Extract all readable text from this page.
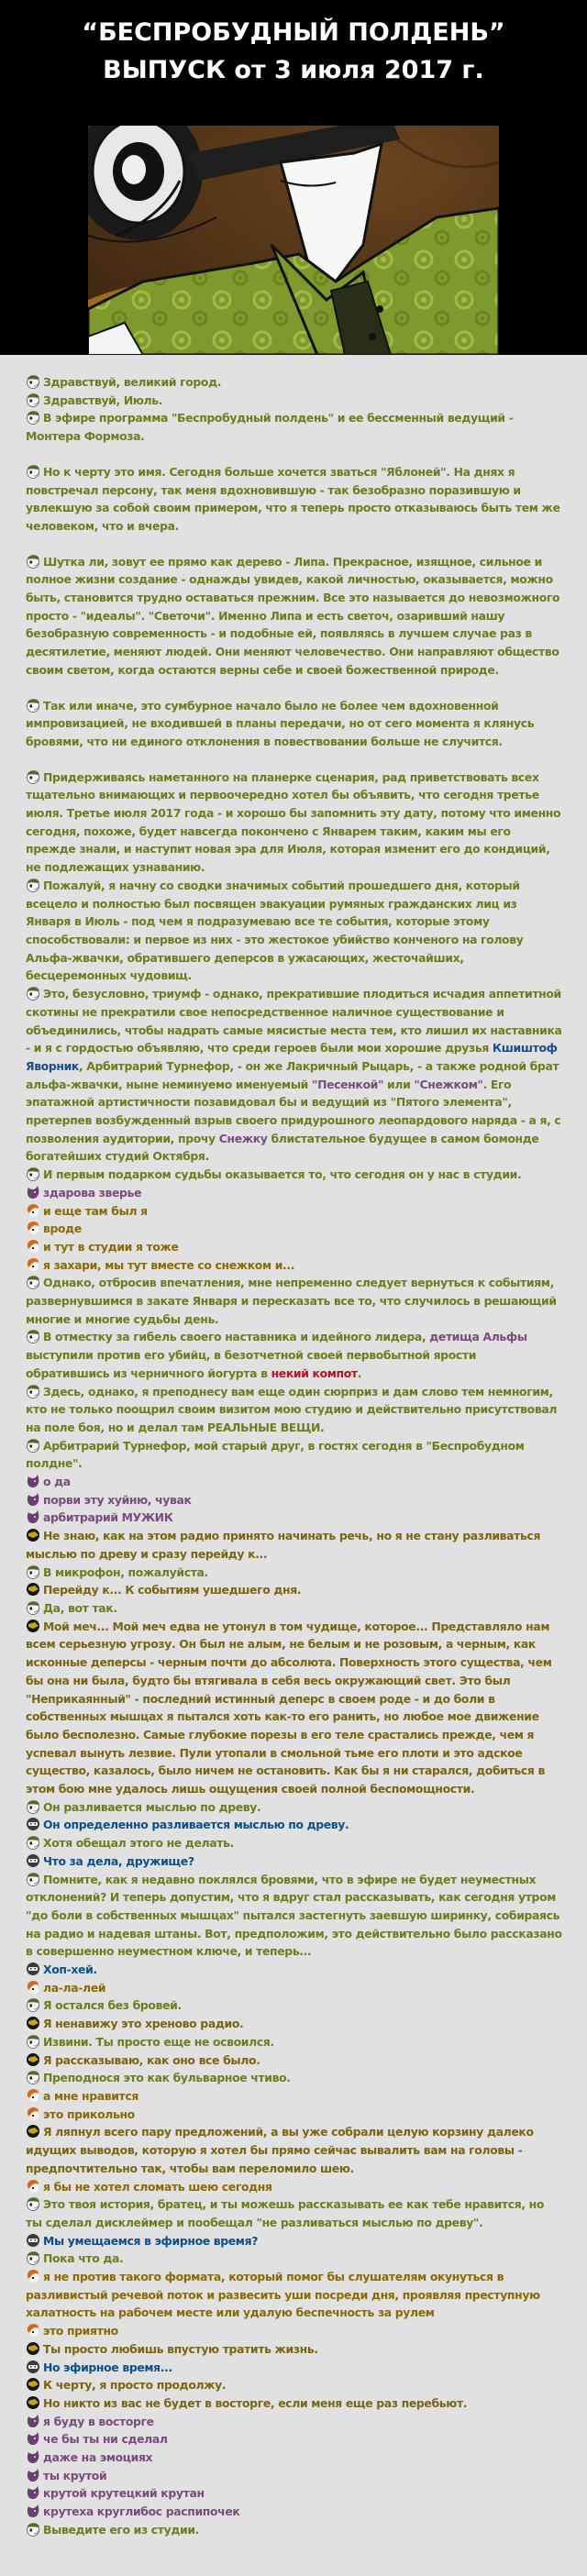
“БЕСПРОБУДНЫЙ ПОЛДЕНЬ”
ВЫПУСК от 3 июля 2017 г.
Здравствуй, великий город.
Здравствуй, Июль.
В эфире программа "Беспробудный полдень" и ее бессменный ведущий - Монтера Формоза.
Но к черту это имя. Сегодня больше хочется зваться "Яблоней". На днях я повстречал персону, так меня вдохновившую - так безобразно поразившую и увлекшую за собой своим примером, что я теперь просто отказываюсь быть тем же человеком, что и вчера.
Шутка ли, зовут ее прямо как дерево - Липа. Прекрасное, изящное, сильное и полное жизни создание - однажды увидев, какой личностью, оказывается, можно быть, становится трудно оставаться прежним. Все это называется до невозможного просто - "идеалы". "Светочи". Именно Липа и есть светоч, озаривший нашу безобразную современность - и подобные ей, появляясь в лучшем случае раз в десятилетие, меняют людей. Они меняют человечество. Они направляют общество своим светом, когда остаются верны себе и своей божественной природе.
Так или иначе, это сумбурное начало было не более чем вдохновенной импровизацией, не входившей в планы передачи, но от сего момента я клянусь бровями, что ни единого отклонения в повествовании больше не случится.
Придерживаясь наметанного на планерке сценария, рад приветствовать всех тщательно внимающих и первоочередно хотел бы объявить, что сегодня третье июля. Третье июля 2017 года - и хорошо бы запомнить эту дату, потому что именно сегодня, похоже, будет навсегда покончено с Январем таким, каким мы его прежде знали, и наступит новая эра для Июля, которая изменит его до кондиций, не подлежащих узнаванию.
Пожалуй, я начну со сводки значимых событий прошедшего дня, который всецело и полностью был посвящен эвакуации румяных гражданских лиц из Января в Июль - под чем я подразумеваю все те события, которые этому способствовали: и первое из них - это жестокое убийство конченого на голову Альфа-жвачки, обратившего деперсов в ужасающих, жесточайших, бесцеремонных чудовищ.
Это, безусловно, триумф - однако, прекратившие плодиться исчадия аппетитной скотины не прекратили свое непосредственное наличное существование и объединились, чтобы надрать самые мясистые места тем, кто лишил их наставника - и я с гордостью объявляю, что среди героев были мои хорошие друзья Кшиштоф Яворник, Арбитрарий Турнефор, - он же Лакричный Рыцарь, - а также родной брат альфа-жвачки, ныне неминуемо именуемый "Песенкой" или "Снежком". Его эпатажной артистичности позавидовал бы и ведущий из "Пятого элемента", претерпев возбужденный взрыв своего придурошного леопардового наряда - а я, с позволения аудитории, прочу Снежку блистательное будущее в самом бомонде богатейших студий Октября.
И первым подарком судьбы оказывается то, что сегодня он у нас в студии.
здарова зверье
и еще там был я
вроде
и тут в студии я тоже
я захари, мы тут вместе со снежком и...
Однако, отбросив впечатления, мне непременно следует вернуться к событиям, развернувшимся в закате Января и пересказать все то, что случилось в решающий многие и многие судьбы день.
В отместку за гибель своего наставника и идейного лидера, детища Альфы выступили против его убийц, в безотчетной своей первобытной ярости обратившись из черничного йогурта в некий компот.
Здесь, однако, я преподнесу вам еще один сюрприз и дам слово тем немногим, кто не только поощрил своим визитом мою студию и действительно присутствовал на поле боя, но и делал там РЕАЛЬНЫЕ ВЕЩИ.
Арбитрарий Турнефор, мой старый друг, в гостях сегодня в "Беспробудном полдне".
о да
порви эту хуйню, чувак
арбитрарий МУЖИК
Не знаю, как на этом радио принято начинать речь, но я не стану разливаться мыслью по древу и сразу перейду к...
В микрофон, пожалуйста.
Перейду к... К событиям ушедшего дня.
Да, вот так.
Мой меч... Мой меч едва не утонул в том чудище, которое... Представляло нам всем серьезную угрозу. Он был не алым, не белым и не розовым, а черным, как исконные деперсы - черным почти до абсолюта. Поверхность этого существа, чем бы она ни была, будто бы втягивала в себя весь окружающий свет. Это был "Неприкаянный" - последний истинный деперс в своем роде - и до боли в собственных мышцах я пытался хоть как-то его ранить, но любое мое движение было бесполезно. Самые глубокие порезы в его теле срастались прежде, чем я успевал вынуть лезвие. Пули утопали в смольной тьме его плоти и это адское существо, казалось, было ничем не остановить. Как бы я ни старался, добиться в этом бою мне удалось лишь ощущения своей полной беспомощности.
Он разливается мыслью по древу.
Он определенно разливается мыслью по древу.
Хотя обещал этого не делать.
Что за дела, дружище?
Помните, как я недавно поклялся бровями, что в эфире не будет неуместных отклонений? И теперь допустим, что я вдруг стал рассказывать, как сегодня утром "до боли в собственных мышцах" пытался застегнуть заевшую ширинку, собираясь на радио и надевая штаны. Вот, предположим, это действительно было рассказано в совершенно неуместном ключе, и теперь...
Хоп-хей.
ла-ла-лей
Я остался без бровей.
Я ненавижу это хреново радио.
Извини. Ты просто еще не освоился.
Я рассказываю, как оно все было.
Преподнося это как бульварное чтиво.
а мне нравится
это прикольно
Я ляпнул всего пару предложений, а вы уже собрали целую корзину далеко идущих выводов, которую я хотел бы прямо сейчас вывалить вам на головы - предпочтительно так, чтобы вам переломило шею.
я бы не хотел сломать шею сегодня
Это твоя история, братец, и ты можешь рассказывать ее как тебе нравится, но ты сделал дисклеймер и пообещал "не разливаться мыслью по древу".
Мы умещаемся в эфирное время?
Пока что да.
я не против такого формата, который помог бы слушателям окунуться в разливистый речевой поток и развесить уши посреди дня, проявляя преступную халатность на рабочем месте или удалую беспечность за рулем
это приятно
Ты просто любишь впустую тратить жизнь.
Но эфирное время...
К черту, я просто продолжу.
Но никто из вас не будет в восторге, если меня еще раз перебьют.
я буду в восторге
че бы ты ни сделал
даже на эмоциях
ты крутой
крутой крутецкий крутан
крутеха круглибос распипочек
Выведите его из студии.
